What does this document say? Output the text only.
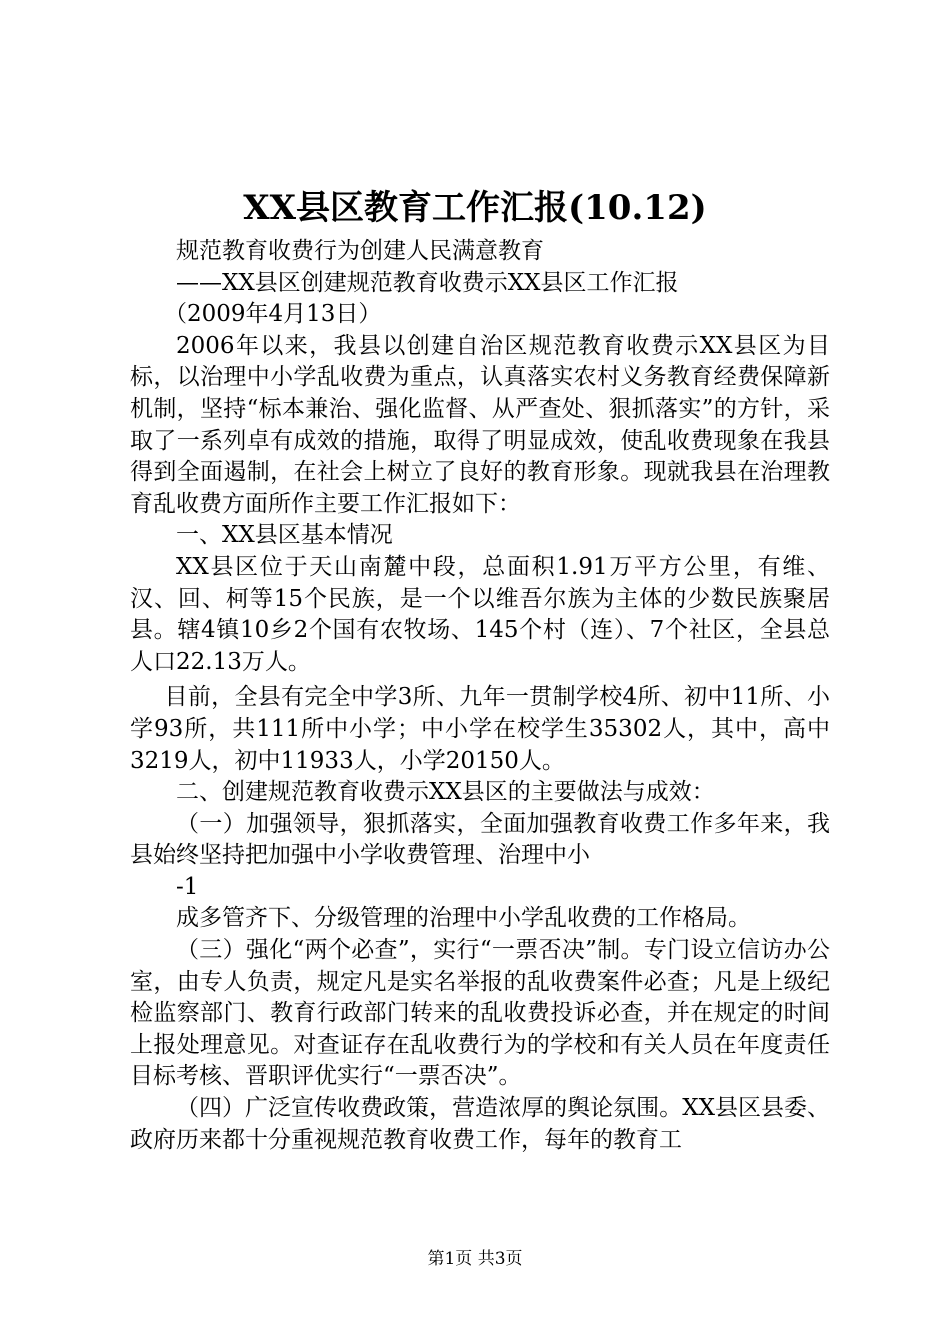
XX县区教育工作汇报(10.12)

规范教育收费行为创建人民满意教育

——XX县区创建规范教育收费示XX县区工作汇报

（2009年4月13日）

2006年以来，我县以创建自治区规范教育收费示XX县区为目标，以治理中小学乱收费为重点，认真落实农村义务教育经费保障新机制，坚持“标本兼治、强化监督、从严查处、狠抓落实”的方针，采取了一系列卓有成效的措施，取得了明显成效，使乱收费现象在我县得到全面遏制，在社会上树立了良好的教育形象。现就我县在治理教育乱收费方面所作主要工作汇报如下：

一、XX县区基本情况

XX县区位于天山南麓中段，总面积1.91万平方公里，有维、汉、回、柯等15个民族，是一个以维吾尔族为主体的少数民族聚居县。辖4镇10乡2个国有农牧场、145个村（连）、7个社区，全县总人口22.13万人。

目前，全县有完全中学3所、九年一贯制学校4所、初中11所、小学93所，共111所中小学；中小学在校学生35302人，其中，高中3219人，初中11933人，小学20150人。

二、创建规范教育收费示XX县区的主要做法与成效：

（一）加强领导，狠抓落实，全面加强教育收费工作多年来，我县始终坚持把加强中小学收费管理、治理中小

-1

成多管齐下、分级管理的治理中小学乱收费的工作格局。

（三）强化“两个必查”，实行“一票否决”制。专门设立信访办公室，由专人负责，规定凡是实名举报的乱收费案件必查；凡是上级纪检监察部门、教育行政部门转来的乱收费投诉必查，并在规定的时间上报处理意见。对查证存在乱收费行为的学校和有关人员在年度责任目标考核、晋职评优实行“一票否决”。

（四）广泛宣传收费政策，营造浓厚的舆论氛围。XX县区县委、政府历来都十分重视规范教育收费工作，每年的教育工

第1页 共3页
